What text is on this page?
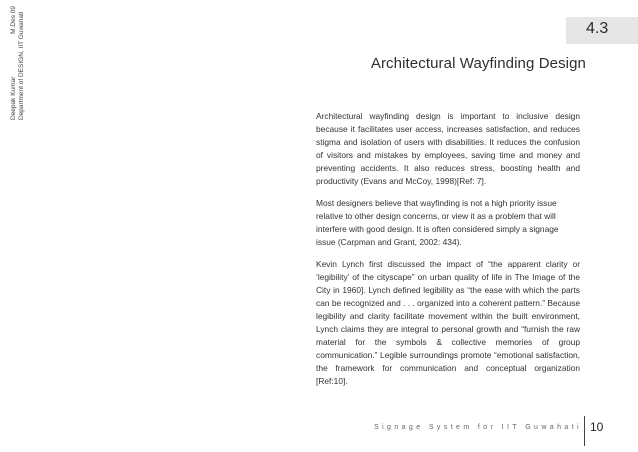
Deepak Kumar
M.Des 09 Department of DESIGN, IIT Guwahati	4.3
Architectural Wayfinding Design

Architectural wayfinding design is important to inclusive design because it facilitates user access, increases satisfaction, and reduces stigma and isolation of users with disabilities. It reduces the confusion of visitors and mistakes by employees, saving time and money and preventing accidents. It also reduces stress, boosting health and productivity (Evans and McCoy, 1998)[Ref: 7].

Most designers believe that wayfinding is not a high priority issue relative to other design concerns, or view it as a problem that will interfere with good design. It is often considered simply a signage issue (Carpman and Grant, 2002: 434).

Kevin Lynch first discussed the impact of “the apparent clarity or ‘legibility’ of the cityscape” on urban quality of life in The Image of the City in 1960]. Lynch defined legibility as “the ease with which the parts can be recognized and . . . organized into a coherent pattern.” Because legibility and clarity facilitate movement within the built environment, Lynch claims they are integral to personal growth and “furnish the raw material for the symbols & collective memories of group communication.” Legible surroundings promote “emotional satisfaction, the framework for communication and conceptual organization [Ref:10].

Signage System for IIT Guwahati 10
